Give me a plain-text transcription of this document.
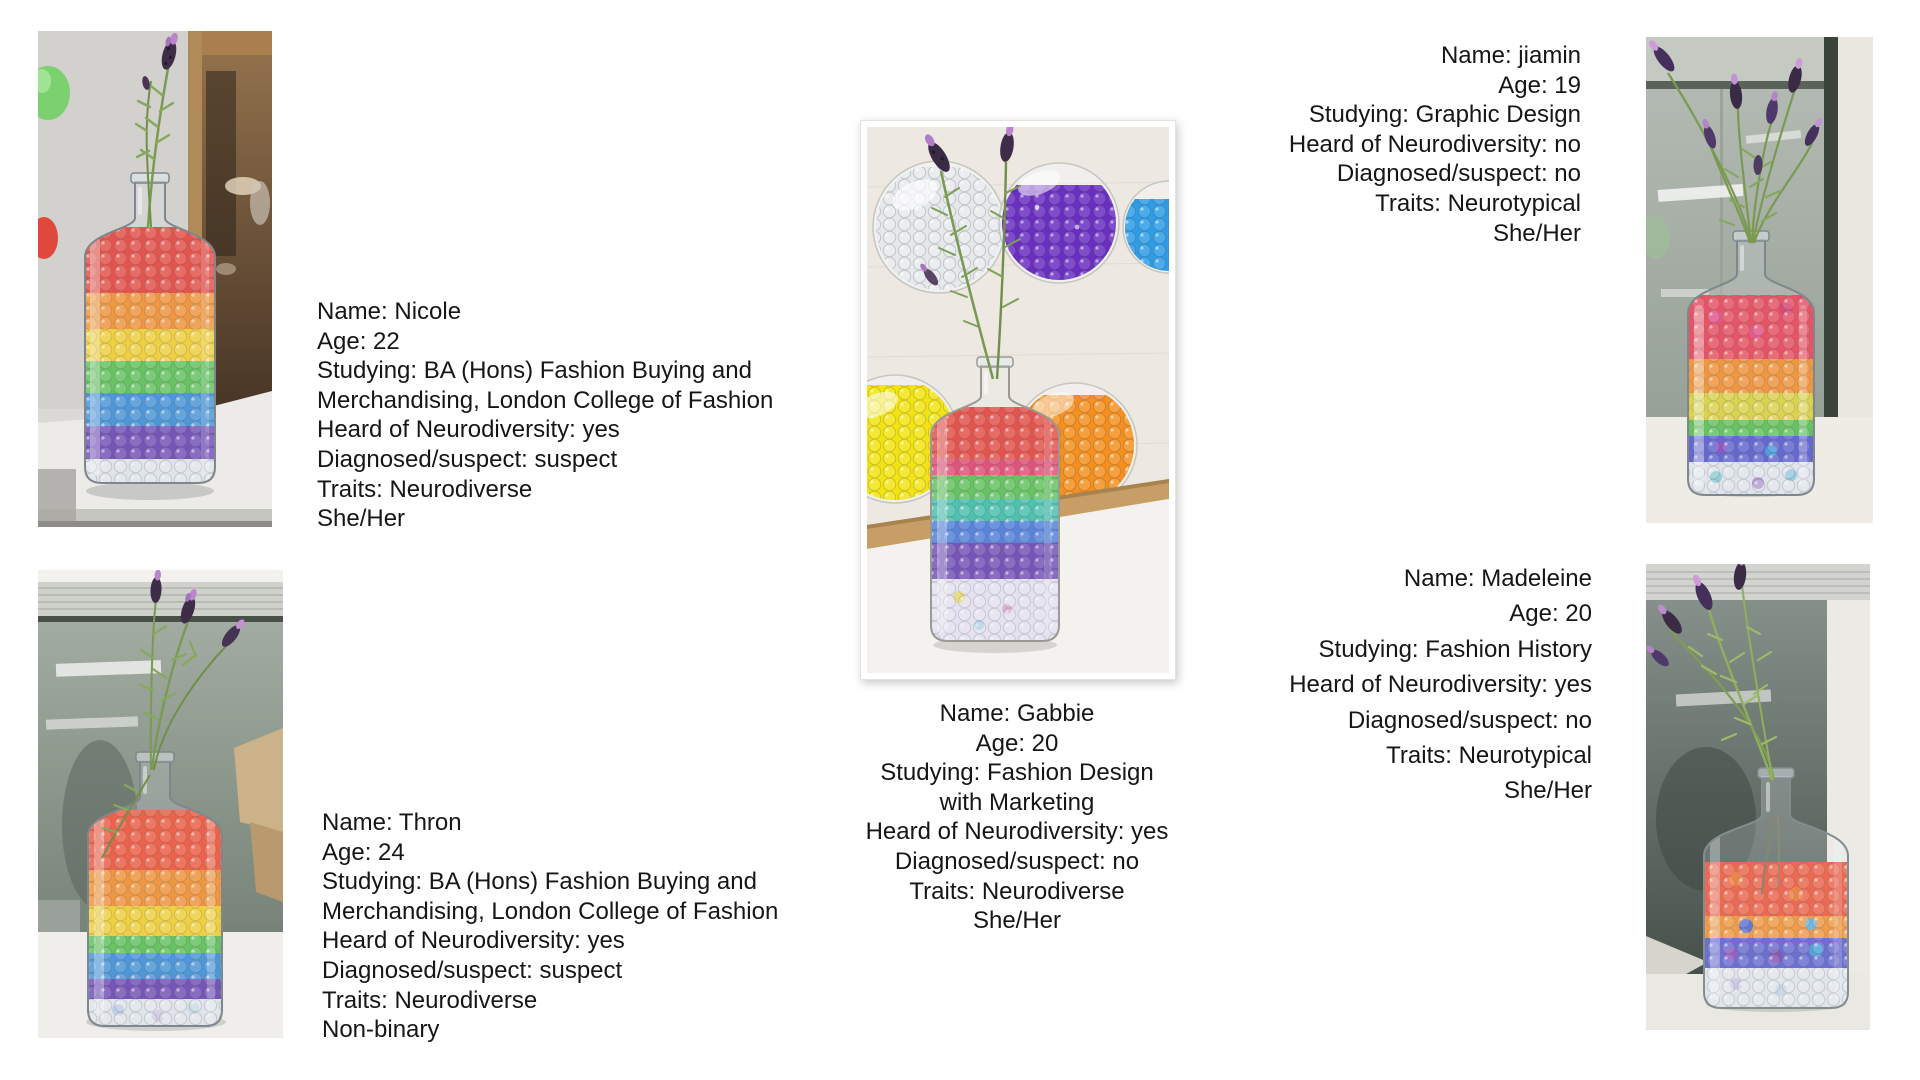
Name: Nicole
Age: 22
Studying: BA (Hons) Fashion Buying and
Merchandising, London College of Fashion
Heard of Neurodiversity: yes
Diagnosed/suspect: suspect
Traits: Neurodiverse
She/Her
Name: Thron
Age: 24
Studying: BA (Hons) Fashion Buying and
Merchandising, London College of Fashion
Heard of Neurodiversity: yes
Diagnosed/suspect: suspect
Traits: Neurodiverse
Non-binary
Name: Gabbie
Age: 20
Studying: Fashion Design
with Marketing
Heard of Neurodiversity: yes
Diagnosed/suspect: no
Traits: Neurodiverse
She/Her
Name: jiamin
Age: 19
Studying: Graphic Design
Heard of Neurodiversity: no
Diagnosed/suspect: no
Traits: Neurotypical
She/Her
Name: Madeleine
Age: 20
Studying: Fashion History
Heard of Neurodiversity: yes
Diagnosed/suspect: no
Traits: Neurotypical
She/Her
